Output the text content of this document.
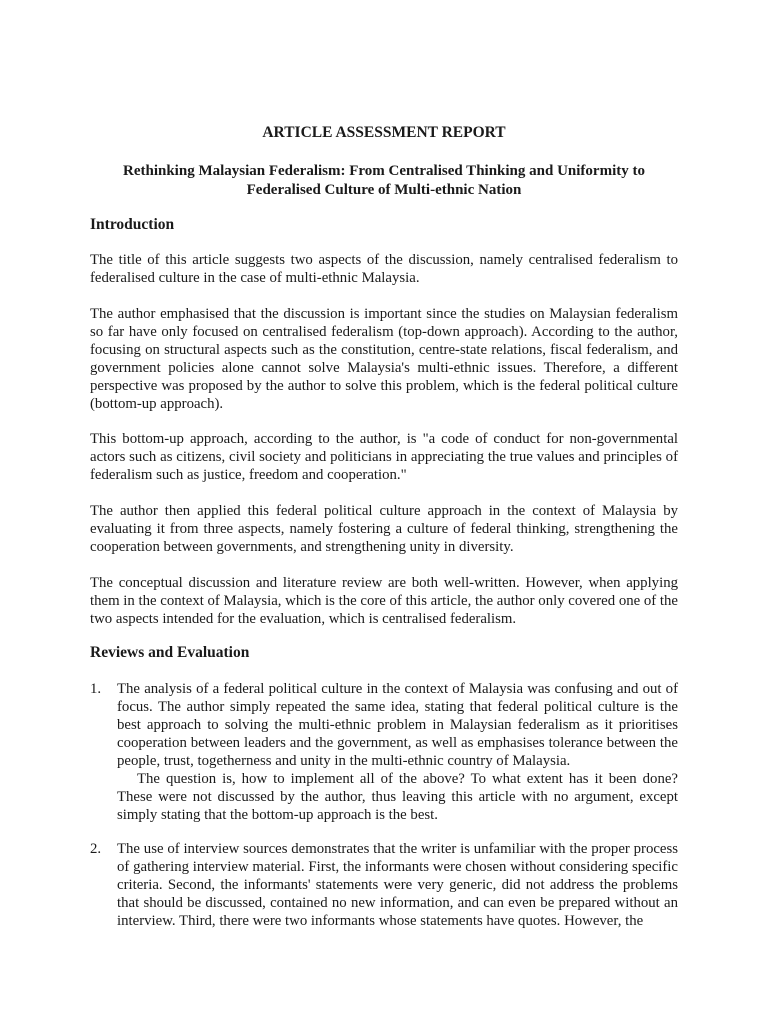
ARTICLE ASSESSMENT REPORT
Rethinking Malaysian Federalism: From Centralised Thinking and Uniformity to Federalised Culture of Multi-ethnic Nation
Introduction

The title of this article suggests two aspects of the discussion, namely centralised federalism to federalised culture in the case of multi-ethnic Malaysia.

The author emphasised that the discussion is important since the studies on Malaysian federalism so far have only focused on centralised federalism (top-down approach). According to the author, focusing on structural aspects such as the constitution, centre-state relations, fiscal federalism, and government policies alone cannot solve Malaysia's multi-ethnic issues. Therefore, a different perspective was proposed by the author to solve this problem, which is the federal political culture (bottom-up approach).

This bottom-up approach, according to the author, is "a code of conduct for non-governmental actors such as citizens, civil society and politicians in appreciating the true values and principles of federalism such as justice, freedom and cooperation."

The author then applied this federal political culture approach in the context of Malaysia by evaluating it from three aspects, namely fostering a culture of federal thinking, strengthening the cooperation between governments, and strengthening unity in diversity.

The conceptual discussion and literature review are both well-written. However, when applying them in the context of Malaysia, which is the core of this article, the author only covered one of the two aspects intended for the evaluation, which is centralised federalism.

Reviews and Evaluation
1. The analysis of a federal political culture in the context of Malaysia was confusing and out of focus. The author simply repeated the same idea, stating that federal political culture is the best approach to solving the multi-ethnic problem in Malaysian federalism as it prioritises cooperation between leaders and the government, as well as emphasises tolerance between the people, trust, togetherness and unity in the multi-ethnic country of Malaysia.

The question is, how to implement all of the above? To what extent has it been done? These were not discussed by the author, thus leaving this article with no argument, except simply stating that the bottom-up approach is the best.

2. The use of interview sources demonstrates that the writer is unfamiliar with the proper process of gathering interview material. First, the informants were chosen without considering specific criteria. Second, the informants' statements were very generic, did not address the problems that should be discussed, contained no new information, and can even be prepared without an interview. Third, there were two informants whose statements have quotes. However, the
